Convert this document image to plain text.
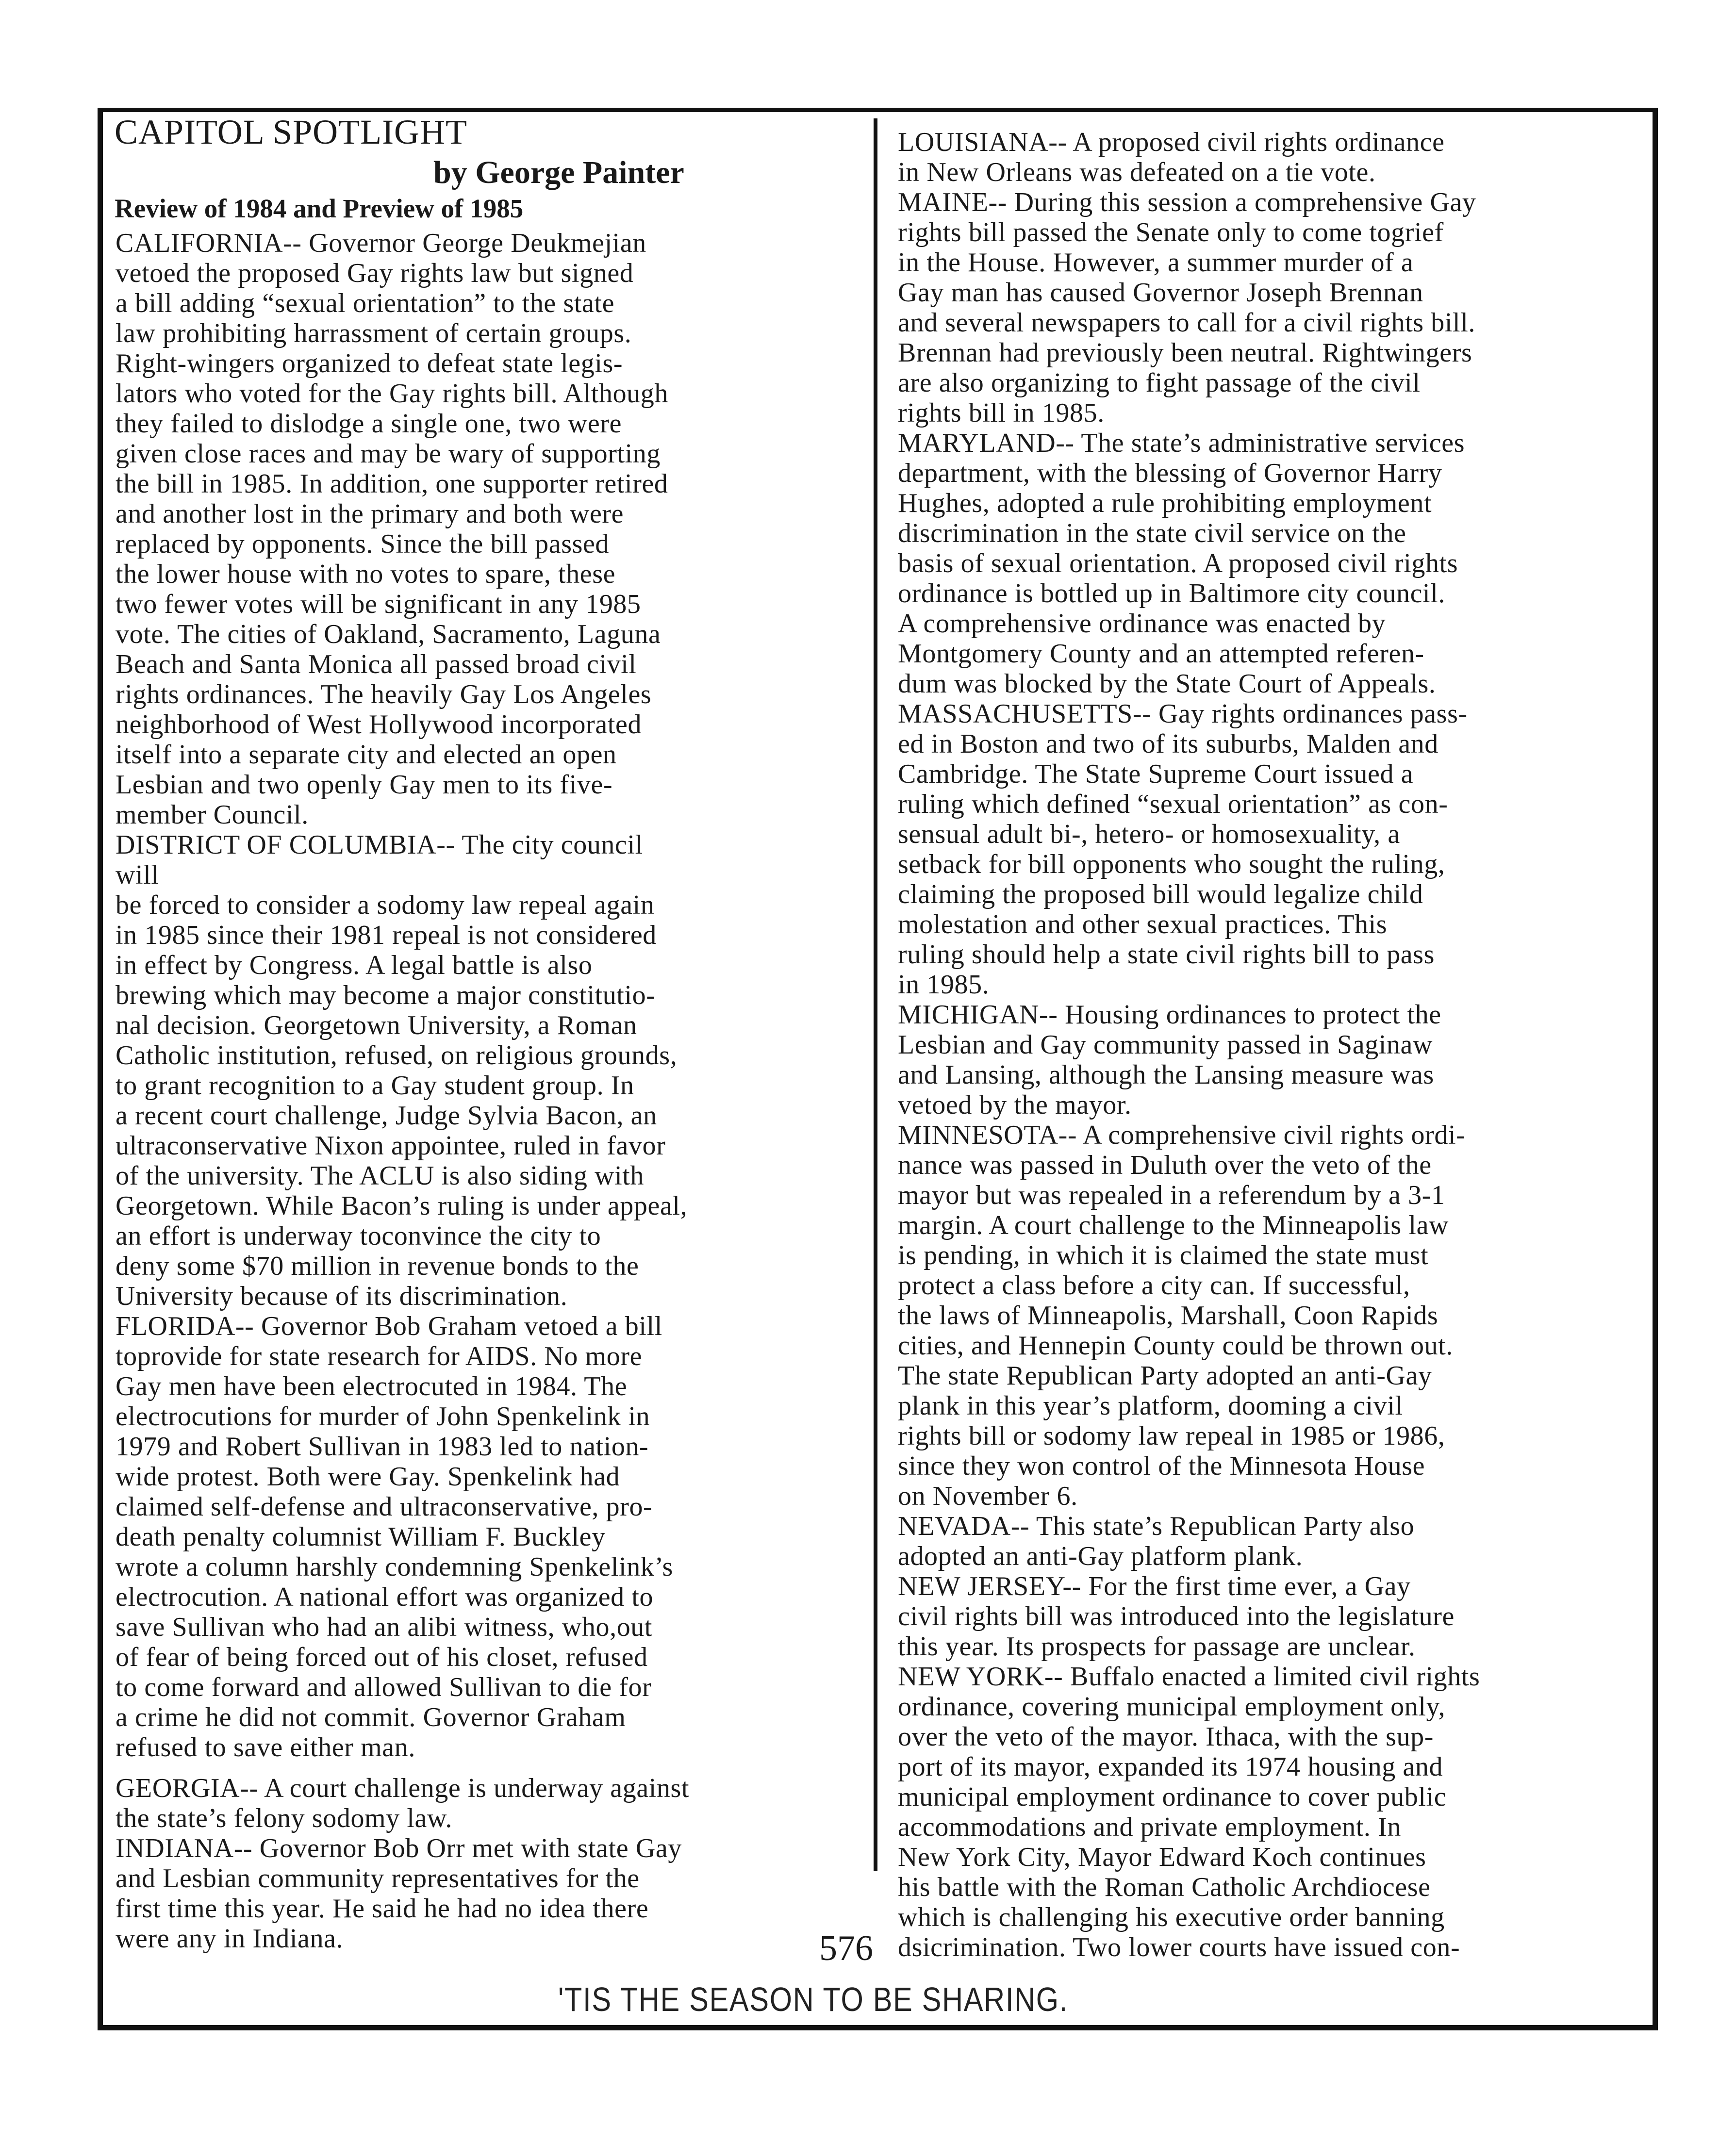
CAPITOL SPOTLIGHT
by George Painter
Review of 1984 and Preview of 1985
CALIFORNIA-- Governor George Deukmejian
vetoed the proposed Gay rights law but signed
a bill adding “sexual orientation” to the state
law prohibiting harrassment of certain groups.
Right-wingers organized to defeat state legis-
lators who voted for the Gay rights bill. Although
they failed to dislodge a single one, two were
given close races and may be wary of supporting
the bill in 1985. In addition, one supporter retired
and another lost in the primary and both were
replaced by opponents. Since the bill passed
the lower house with no votes to spare, these
two fewer votes will be significant in any 1985
vote. The cities of Oakland, Sacramento, Laguna
Beach and Santa Monica all passed broad civil
rights ordinances. The heavily Gay Los Angeles
neighborhood of West Hollywood incorporated
itself into a separate city and elected an open
Lesbian and two openly Gay men to its five-
member Council.
DISTRICT OF COLUMBIA-- The city council
will
be forced to consider a sodomy law repeal again
in 1985 since their 1981 repeal is not considered
in effect by Congress. A legal battle is also
brewing which may become a major constitutio-
nal decision. Georgetown University, a Roman
Catholic institution, refused, on religious grounds,
to grant recognition to a Gay student group. In
a recent court challenge, Judge Sylvia Bacon, an
ultraconservative Nixon appointee, ruled in favor
of the university. The ACLU is also siding with
Georgetown. While Bacon’s ruling is under appeal,
an effort is underway toconvince the city to
deny some $70 million in revenue bonds to the
University because of its discrimination.
FLORIDA-- Governor Bob Graham vetoed a bill
toprovide for state research for AIDS. No more
Gay men have been electrocuted in 1984. The
electrocutions for murder of John Spenkelink in
1979 and Robert Sullivan in 1983 led to nation-
wide protest. Both were Gay. Spenkelink had
claimed self-defense and ultraconservative, pro-
death penalty columnist William F. Buckley
wrote a column harshly condemning Spenkelink’s
electrocution. A national effort was organized to
save Sullivan who had an alibi witness, who,out
of fear of being forced out of his closet, refused
to come forward and allowed Sullivan to die for
a crime he did not commit. Governor Graham
refused to save either man.
GEORGIA-- A court challenge is underway against
the state’s felony sodomy law.
INDIANA-- Governor Bob Orr met with state Gay
and Lesbian community representatives for the
first time this year. He said he had no idea there
were any in Indiana.
LOUISIANA-- A proposed civil rights ordinance
in New Orleans was defeated on a tie vote.
MAINE-- During this session a comprehensive Gay
rights bill passed the Senate only to come togrief
in the House. However, a summer murder of a
Gay man has caused Governor Joseph Brennan
and several newspapers to call for a civil rights bill.
Brennan had previously been neutral. Rightwingers
are also organizing to fight passage of the civil
rights bill in 1985.
MARYLAND-- The state’s administrative services
department, with the blessing of Governor Harry
Hughes, adopted a rule prohibiting employment
discrimination in the state civil service on the
basis of sexual orientation. A proposed civil rights
ordinance is bottled up in Baltimore city council.
A comprehensive ordinance was enacted by
Montgomery County and an attempted referen-
dum was blocked by the State Court of Appeals.
MASSACHUSETTS-- Gay rights ordinances pass-
ed in Boston and two of its suburbs, Malden and
Cambridge. The State Supreme Court issued a
ruling which defined “sexual orientation” as con-
sensual adult bi-, hetero- or homosexuality, a
setback for bill opponents who sought the ruling,
claiming the proposed bill would legalize child
molestation and other sexual practices. This
ruling should help a state civil rights bill to pass
in 1985.
MICHIGAN-- Housing ordinances to protect the
Lesbian and Gay community passed in Saginaw
and Lansing, although the Lansing measure was
vetoed by the mayor.
MINNESOTA-- A comprehensive civil rights ordi-
nance was passed in Duluth over the veto of the
mayor but was repealed in a referendum by a 3-1
margin. A court challenge to the Minneapolis law
is pending, in which it is claimed the state must
protect a class before a city can. If successful,
the laws of Minneapolis, Marshall, Coon Rapids
cities, and Hennepin County could be thrown out.
The state Republican Party adopted an anti-Gay
plank in this year’s platform, dooming a civil
rights bill or sodomy law repeal in 1985 or 1986,
since they won control of the Minnesota House
on November 6.
NEVADA-- This state’s Republican Party also
adopted an anti-Gay platform plank.
NEW JERSEY-- For the first time ever, a Gay
civil rights bill was introduced into the legislature
this year. Its prospects for passage are unclear.
NEW YORK-- Buffalo enacted a limited civil rights
ordinance, covering municipal employment only,
over the veto of the mayor. Ithaca, with the sup-
port of its mayor, expanded its 1974 housing and
municipal employment ordinance to cover public
accommodations and private employment. In
New York City, Mayor Edward Koch continues
his battle with the Roman Catholic Archdiocese
which is challenging his executive order banning
dsicrimination. Two lower courts have issued con-
576
'TIS THE SEASON TO BE SHARING.
